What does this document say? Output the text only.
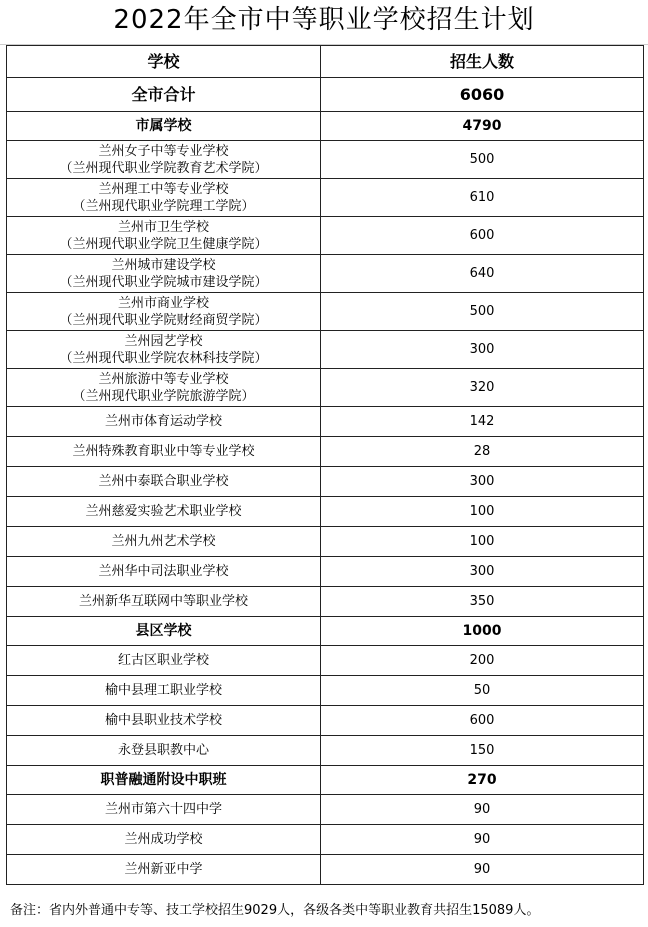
2022年全市中等职业学校招生计划
学校	招生人数
全市合计	6060
市属学校	4790

兰州女子中等专业学校
（兰州现代职业学院教育艺术学院）	500

兰州理工中等专业学校
（兰州现代职业学院理工学院）	610

兰州市卫生学校
（兰州现代职业学院卫生健康学院）	600

兰州城市建设学校
（兰州现代职业学院城市建设学院）	640

兰州市商业学校
（兰州现代职业学院财经商贸学院）	500

兰州园艺学校
（兰州现代职业学院农林科技学院）	300

兰州旅游中等专业学校
（兰州现代职业学院旅游学院）	320

兰州市体育运动学校	142

兰州特殊教育职业中等专业学校	28

兰州中泰联合职业学校	300

兰州慈爱实验艺术职业学校	100

兰州九州艺术学校	100

兰州华中司法职业学校	300

兰州新华互联网中等职业学校	350
县区学校	1000

红古区职业学校	200

榆中县理工职业学校	50

榆中县职业技术学校	600

永登县职教中心	150
职普融通附设中职班	270

兰州市第六十四中学	90

兰州成功学校	90

兰州新亚中学	90
备注：省内外普通中专等、技工学校招生9029人，各级各类中等职业教育共招生15089人。
